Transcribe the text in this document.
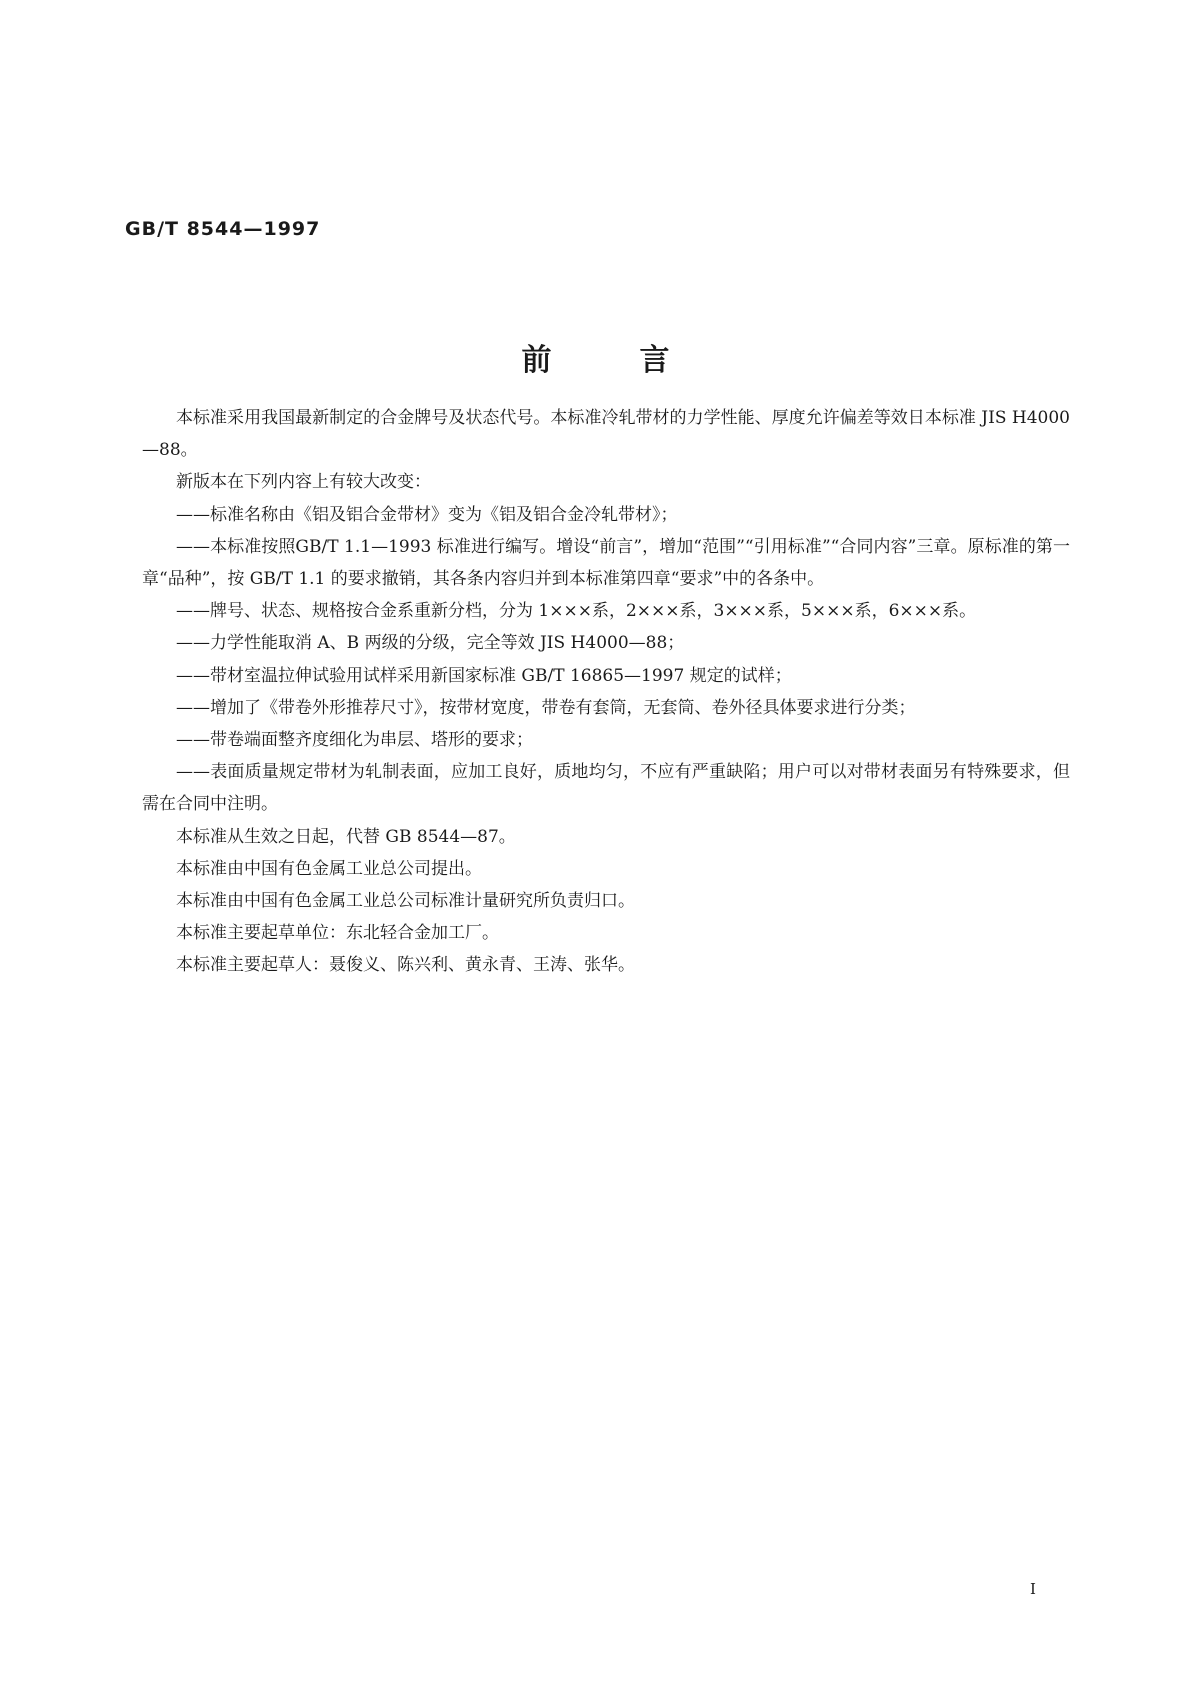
GB/T 8544—1997
前言

本标准采用我国最新制定的合金牌号及状态代号。本标准冷轧带材的力学性能、厚度允许偏差等效日本标准 JIS H4000—88。

新版本在下列内容上有较大改变：

——标准名称由《铝及铝合金带材》变为《铝及铝合金冷轧带材》；

——本标准按照GB/T 1.1—1993 标准进行编写。增设“前言”，增加“范围”“引用标准”“合同内容”三章。原标准的第一章“品种”，按 GB/T 1.1 的要求撤销，其各条内容归并到本标准第四章“要求”中的各条中。

——牌号、状态、规格按合金系重新分档，分为 1×××系，2×××系，3×××系，5×××系，6×××系。

——力学性能取消 A、B 两级的分级，完全等效 JIS H4000—88；

——带材室温拉伸试验用试样采用新国家标准 GB/T 16865—1997 规定的试样；

——增加了《带卷外形推荐尺寸》，按带材宽度，带卷有套筒，无套筒、卷外径具体要求进行分类；

——带卷端面整齐度细化为串层、塔形的要求；

——表面质量规定带材为轧制表面，应加工良好，质地均匀，不应有严重缺陷；用户可以对带材表面另有特殊要求，但需在合同中注明。

本标准从生效之日起，代替 GB 8544—87。

本标准由中国有色金属工业总公司提出。

本标准由中国有色金属工业总公司标准计量研究所负责归口。

本标准主要起草单位：东北轻合金加工厂。

本标准主要起草人：聂俊义、陈兴利、黄永青、王涛、张华。

I
